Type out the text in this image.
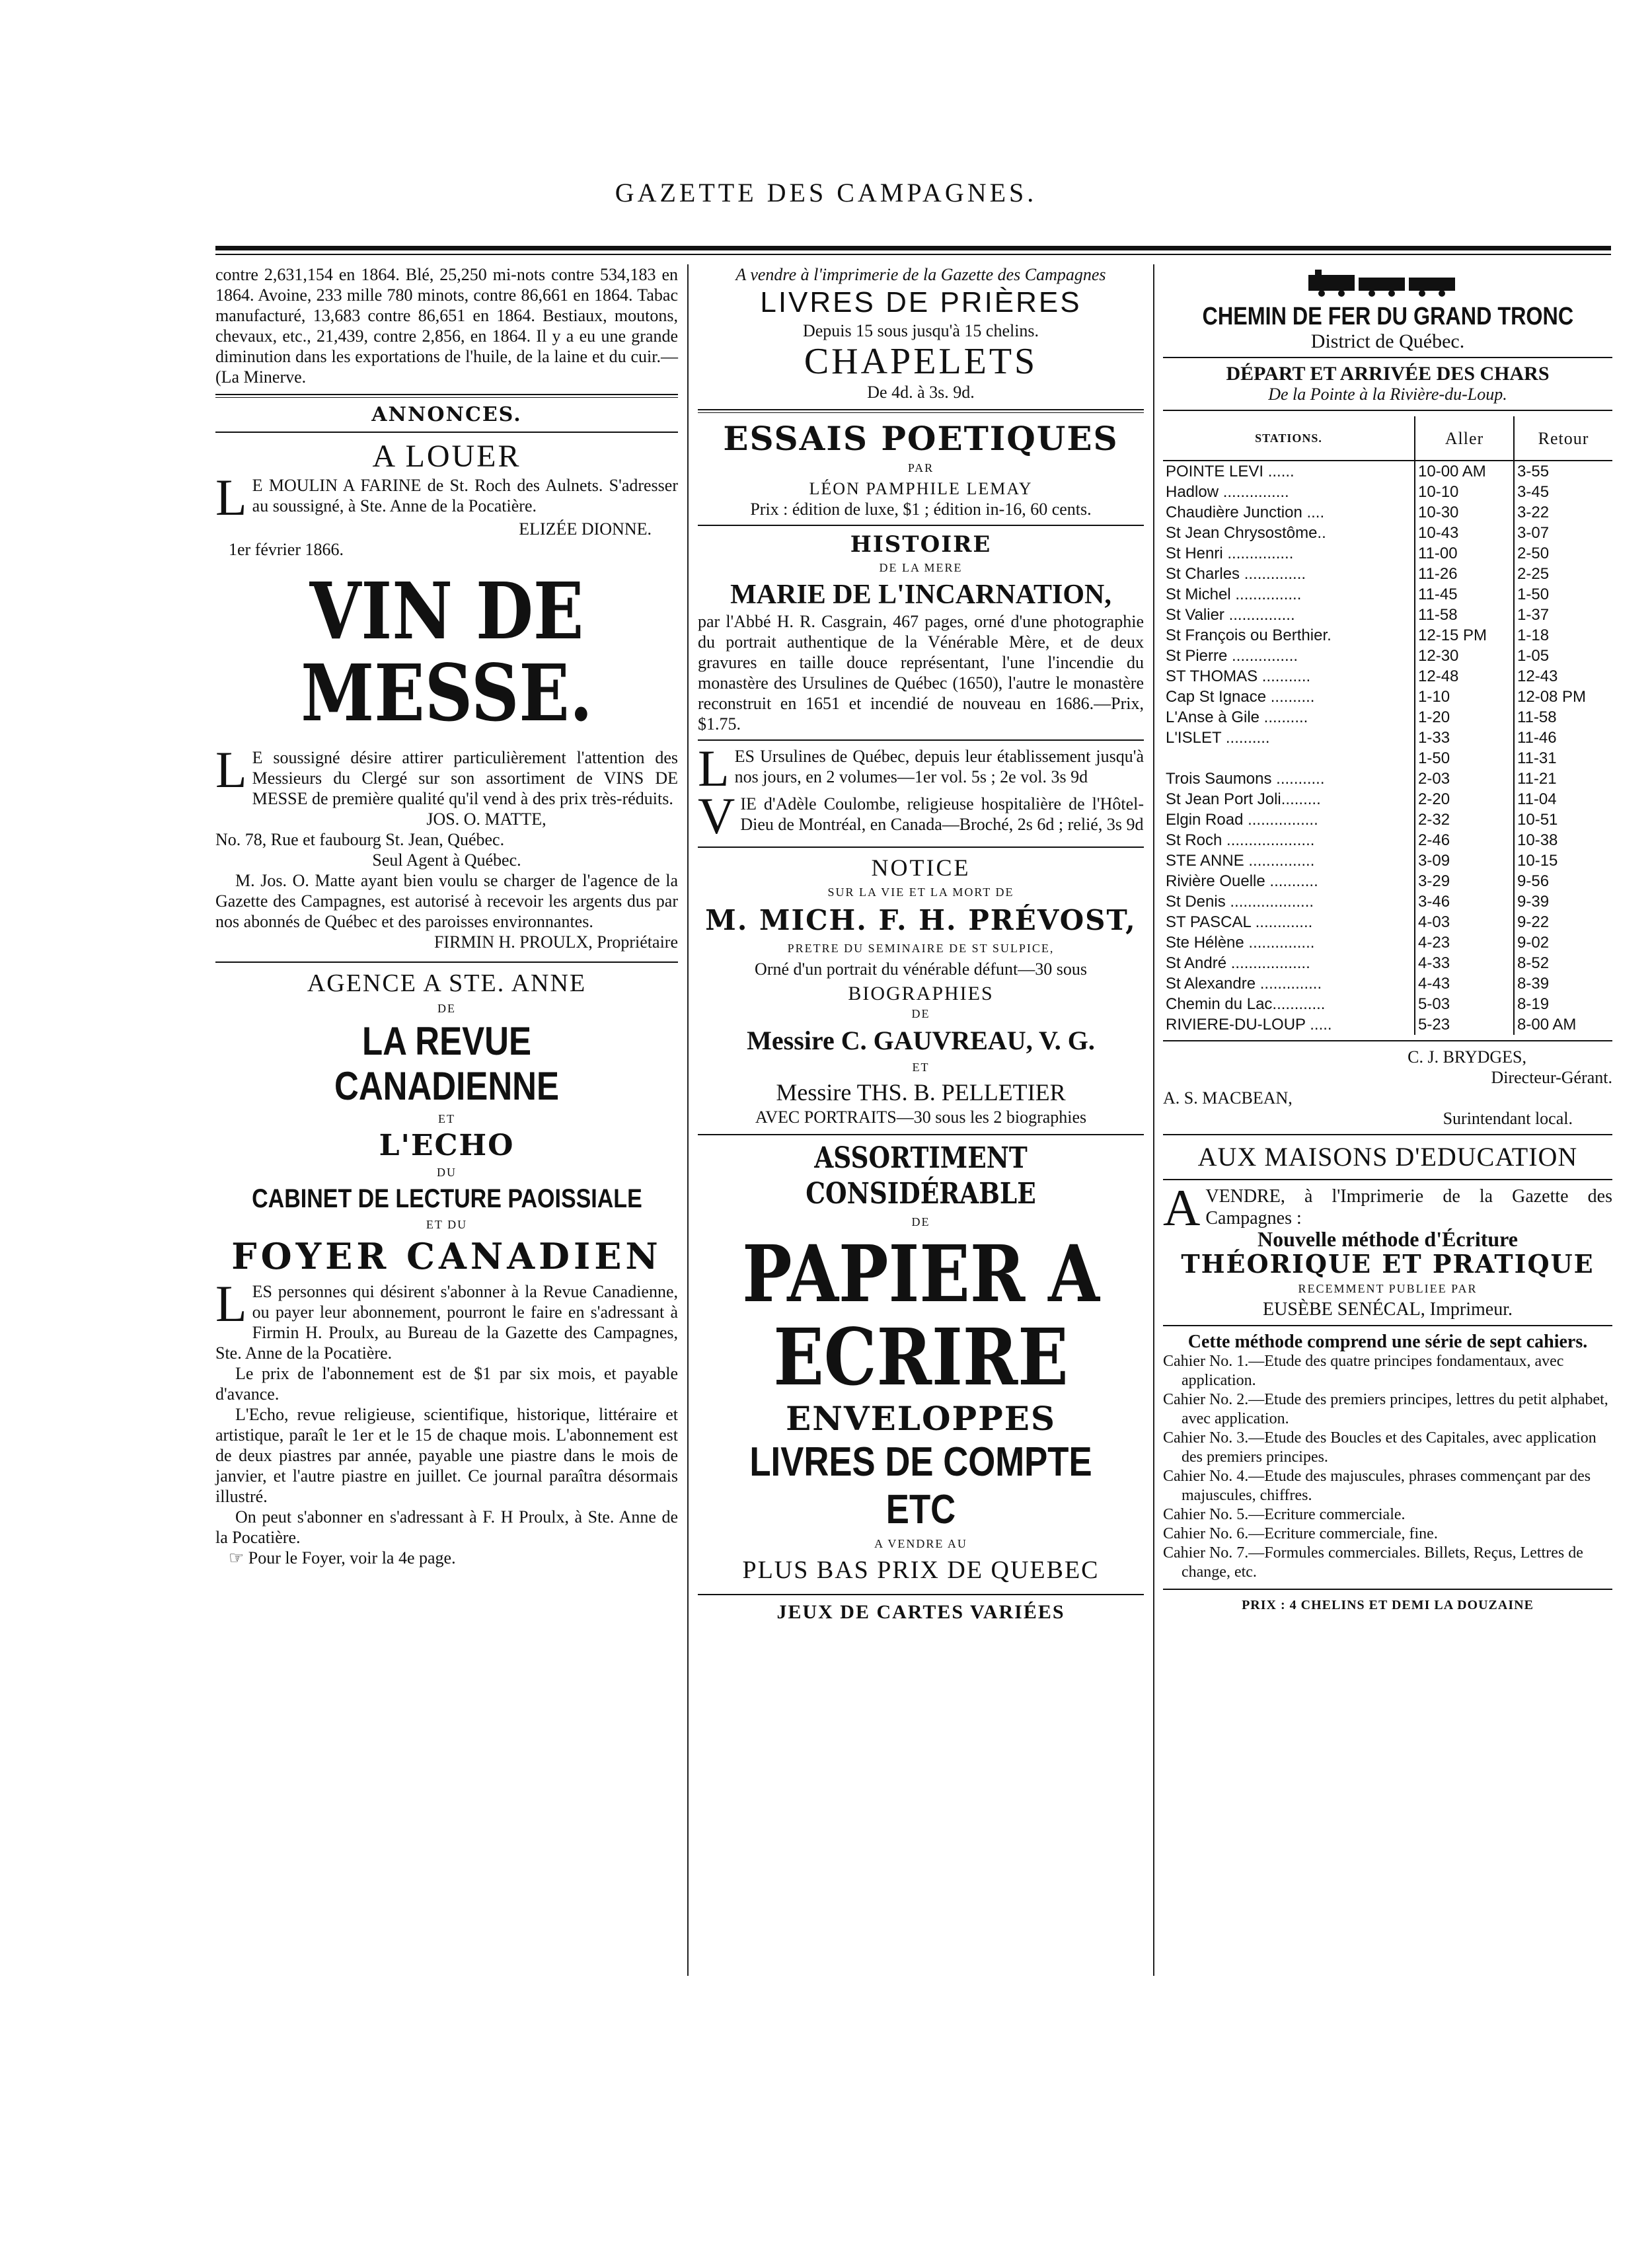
GAZETTE DES CAMPAGNES.

contre 2,631,154 en 1864. Blé, 25,250 mi-nots contre 534,183 en 1864. Avoine, 233 mille 780 minots, contre 86,661 en 1864. Tabac manufacturé, 13,683 contre 86,651 en 1864. Bestiaux, moutons, chevaux, etc., 21,439, contre 2,856, en 1864. Il y a eu une grande diminution dans les exportations de l'huile, de la laine et du cuir.—(La Minerve.

ANNONCES.
A LOUER
L E MOULIN A FARINE de St. Roch des Aulnets. S'adresser au soussigné, à Ste. Anne de la Pocatière.

ELIZÉE DIONNE.

1er février 1866.

VIN DE MESSE.
L E soussigné désire attirer particulièrement l'attention des Messieurs du Clergé sur son assortiment de VINS DE MESSE de première qualité qu'il vend à des prix très-réduits.

JOS. O. MATTE,

No. 78, Rue et faubourg St. Jean, Québec.

Seul Agent à Québec.

M. Jos. O. Matte ayant bien voulu se charger de l'agence de la Gazette des Campagnes, est autorisé à recevoir les argents dus par nos abonnés de Québec et des paroisses environnantes.

FIRMIN H. PROULX, Propriétaire

AGENCE A STE. ANNE
DE
LA REVUE CANADIENNE
ET
L'ECHO
DU
CABINET DE LECTURE PAOISSIALE
ET DU
FOYER CANADIEN
L ES personnes qui désirent s'abonner à la Revue Canadienne, ou payer leur abonnement, pourront le faire en s'adressant à Firmin H. Proulx, au Bureau de la Gazette des Campagnes, Ste. Anne de la Pocatière.

Le prix de l'abonnement est de $1 par six mois, et payable d'avance.

L'Echo, revue religieuse, scientifique, historique, littéraire et artistique, paraît le 1er et le 15 de chaque mois. L'abonnement est de deux piastres par année, payable une piastre dans le mois de janvier, et l'autre piastre en juillet. Ce journal paraîtra désormais illustré.

On peut s'abonner en s'adressant à F. H Proulx, à Ste. Anne de la Pocatière.

☞ Pour le Foyer, voir la 4e page.

A vendre à l'imprimerie de la Gazette des Campagnes

LIVRES DE PRIÈRES

Depuis 15 sous jusqu'à 15 chelins.

CHAPELETS

De 4d. à 3s. 9d.

ESSAIS POETIQUES
PAR

LÉON PAMPHILE LEMAY

Prix : édition de luxe, $1 ; édition in-16, 60 cents.

HISTOIRE
DE LA MERE
MARIE DE L'INCARNATION,

par l'Abbé H. R. Casgrain, 467 pages, orné d'une photographie du portrait authentique de la Vénérable Mère, et de deux gravures en taille douce représentant, l'une l'incendie du monastère des Ursulines de Québec (1650), l'autre le monastère reconstruit en 1651 et incendié de nouveau en 1686.—Prix, $1.75.

L ES Ursulines de Québec, depuis leur établissement jusqu'à nos jours, en 2 volumes—1er vol. 5s ; 2e vol. 3s 9d

V IE d'Adèle Coulombe, religieuse hospitalière de l'Hôtel-Dieu de Montréal, en Canada—Broché, 2s 6d ; relié, 3s 9d

NOTICE
SUR LA VIE ET LA MORT DE
M. MICH. F. H. PRÉVOST,
PRETRE DU SEMINAIRE DE ST SULPICE,

Orné d'un portrait du vénérable défunt—30 sous

BIOGRAPHIES
DE
Messire C. GAUVREAU, V. G.
ET
Messire THS. B. PELLETIER

AVEC PORTRAITS—30 sous les 2 biographies

ASSORTIMENT CONSIDÉRABLE
DE
PAPIER A ECRIRE
ENVELOPPES
LIVRES DE COMPTE ETC
A VENDRE AU
PLUS BAS PRIX DE QUEBEC
JEUX DE CARTES VARIÉES
CHEMIN DE FER DU GRAND TRONC

District de Québec.

DÉPART ET ARRIVÉE DES CHARS

De la Pointe à la Rivière-du-Loup.

STATIONS.	Aller	Retour
POINTE LEVI ......	10-00 AM	3-55
Hadlow ...............	10-10	3-45
Chaudière Junction ....	10-30	3-22
St Jean Chrysostôme..	10-43	3-07
St Henri ...............	11-00	2-50
St Charles ..............	11-26	2-25
St Michel ...............	11-45	1-50
St Valier ...............	11-58	1-37
St François ou Berthier.	12-15 PM	1-18
St Pierre ...............	12-30	1-05
ST THOMAS ...........	12-48	12-43
Cap St Ignace ..........	1-10	12-08 PM
L'Anse à Gile ..........	1-20	11-58
L'ISLET ..........	1-33	11-46
	1-50	11-31
Trois Saumons ...........	2-03	11-21
St Jean Port Joli.........	2-20	11-04
Elgin Road ................	2-32	10-51
St Roch ....................	2-46	10-38
STE ANNE ...............	3-09	10-15
Rivière Ouelle ...........	3-29	9-56
St Denis ...................	3-46	9-39
ST PASCAL .............	4-03	9-22
Ste Hélène ...............	4-23	9-02
St André ..................	4-33	8-52
St Alexandre ..............	4-43	8-39
Chemin du Lac............	5-03	8-19
RIVIERE-DU-LOUP .....	5-23	8-00 AM

C. J. BRYDGES,

Directeur-Gérant.

A. S. MACBEAN,

Surintendant local.

AUX MAISONS D'EDUCATION
A VENDRE, à l'Imprimerie de la Gazette des Campagnes :

Nouvelle méthode d'Écriture

THÉORIQUE ET PRATIQUE
RECEMMENT PUBLIEE PAR

EUSÈBE SENÉCAL, Imprimeur.

Cette méthode comprend une série de sept cahiers.

Cahier No. 1.—Etude des quatre principes fondamentaux, avec application.

Cahier No. 2.—Etude des premiers principes, lettres du petit alphabet, avec application.

Cahier No. 3.—Etude des Boucles et des Capitales, avec application des premiers principes.

Cahier No. 4.—Etude des majuscules, phrases commençant par des majuscules, chiffres.

Cahier No. 5.—Ecriture commerciale.

Cahier No. 6.—Ecriture commerciale, fine.

Cahier No. 7.—Formules commerciales. Billets, Reçus, Lettres de change, etc.

PRIX : 4 CHELINS ET DEMI LA DOUZAINE
